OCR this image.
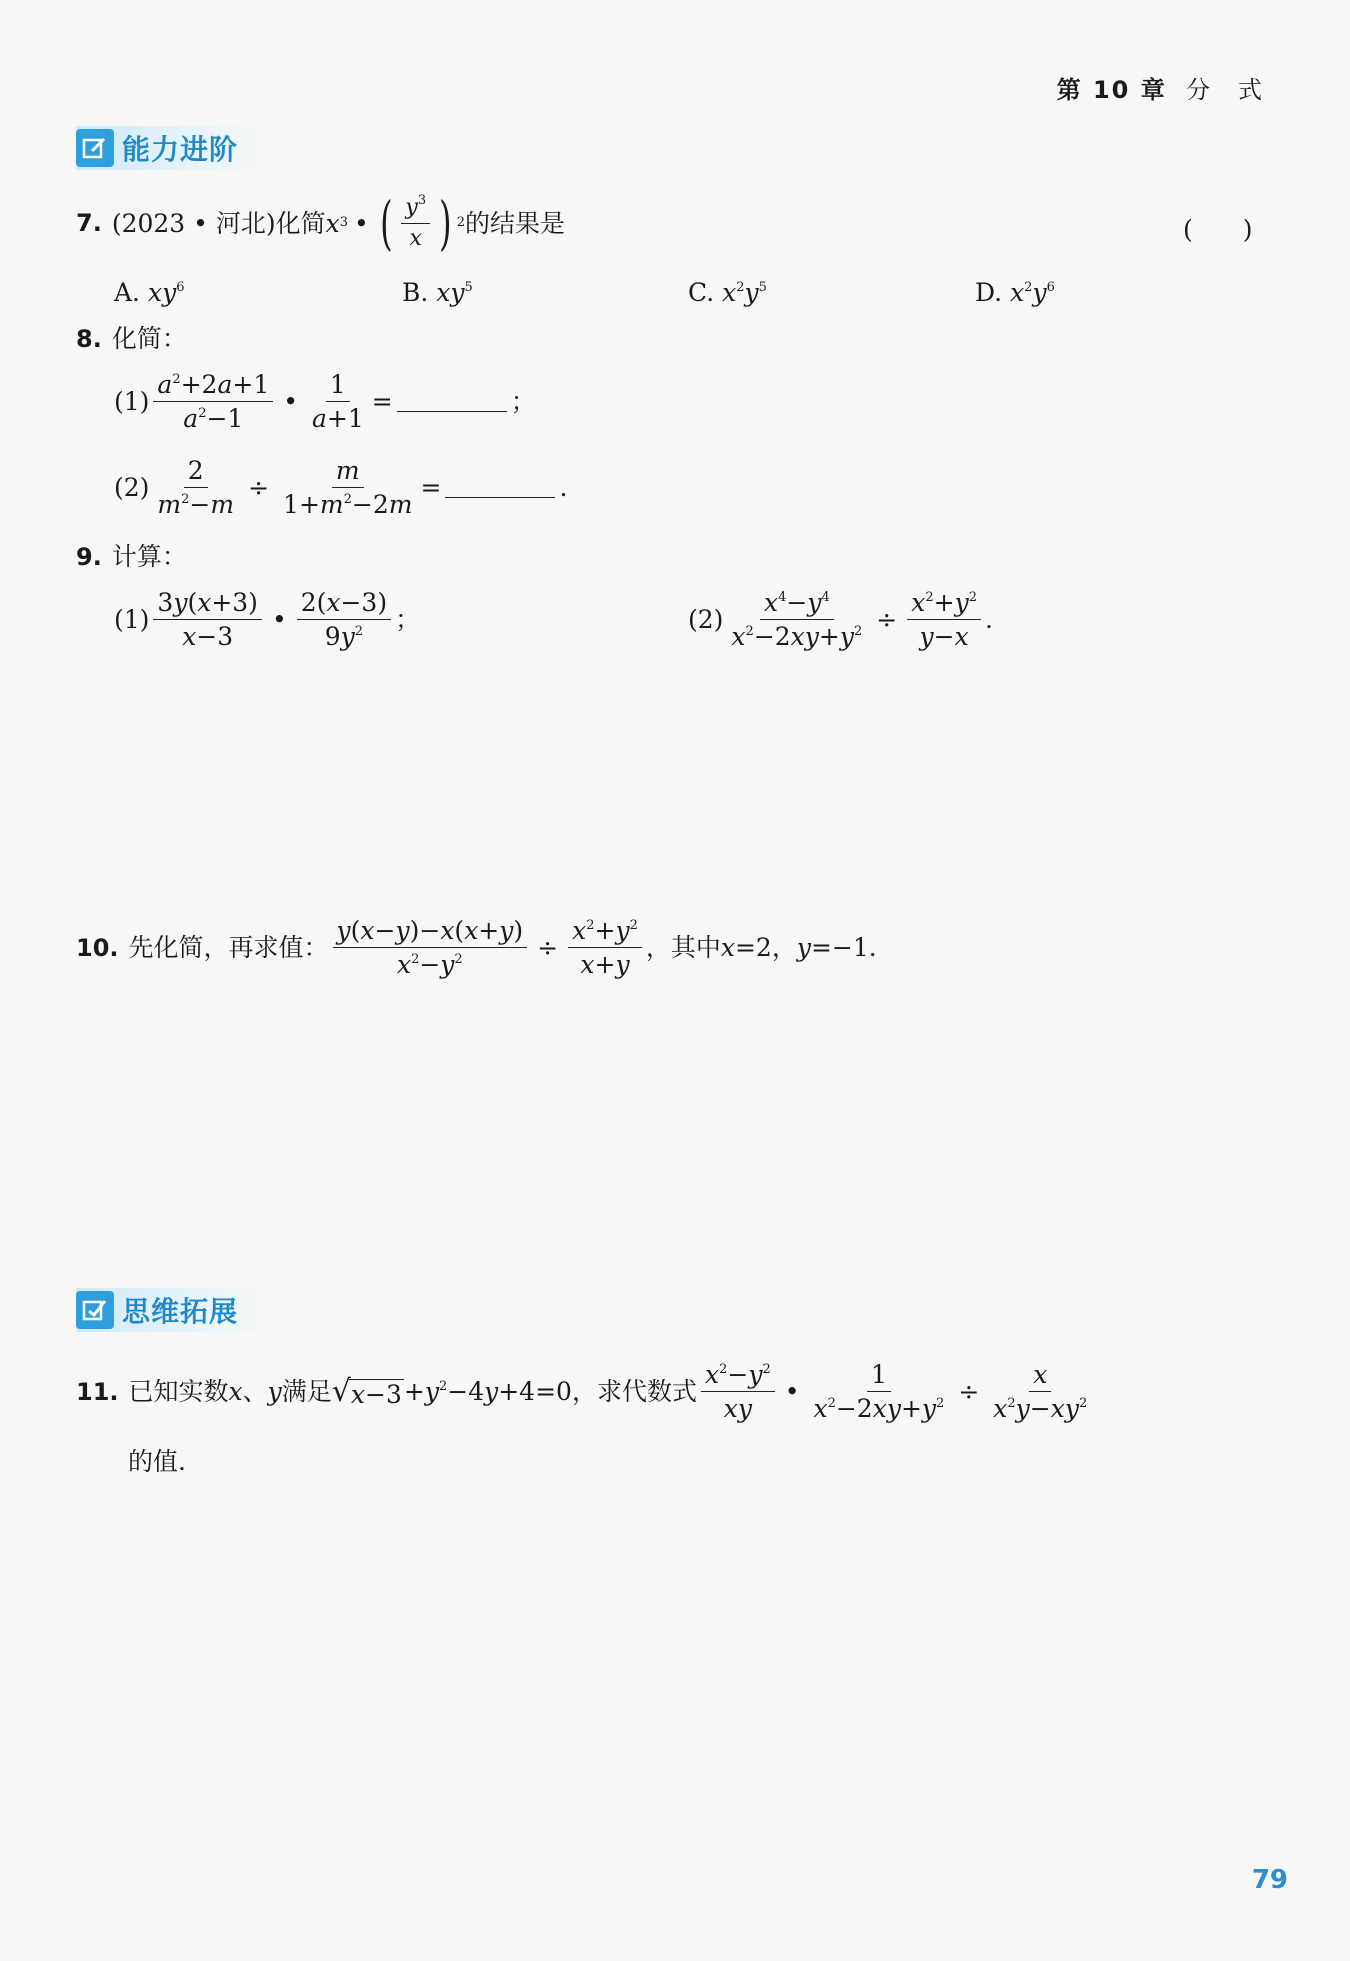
第 10 章 分　式
能力进阶
7. (2023 • 河北) 化简 x 3 • ( $\frac{y^3}{x}$ ) 2 的结果是	(　　)
A. $xy^6$	B. $xy^5$	C. $x^2y^5$	D. $x^2y^6$
8. 化简：
$(1) \frac{a^2+2a+1}{a^2-1}$ • $\frac{1}{a+1}$ =	；
$(2) \frac{2}{m^2-m} \div \frac{m}{1+m^2-2m}$ =	.
9. 计算：
$(1) \frac{3y(x+3)}{x-3}$ • $\frac{2(x-3)}{9y^2}$ ；	$(2) \frac{x^4-y^4}{x^2-2xy+y^2} \div \frac{x^2+y^2}{y-x}$ .
10. 先化简，再求值： $\frac{y(x-y)-x(x+y)}{x^2-y^2} \div \frac{x^2+y^2}{x+y}$ ，其中 x =2， y =−1.
思维拓展
11. 已知实数 x 、 y 满足 √ $x-3 +y^2-4y+4=0$ ，求代数式 $\frac{x^2-y^2}{xy}$ • $\frac{1}{x^2-2xy+y^2} \div \frac{x}{x^2y-xy^2}$
的值.
79
